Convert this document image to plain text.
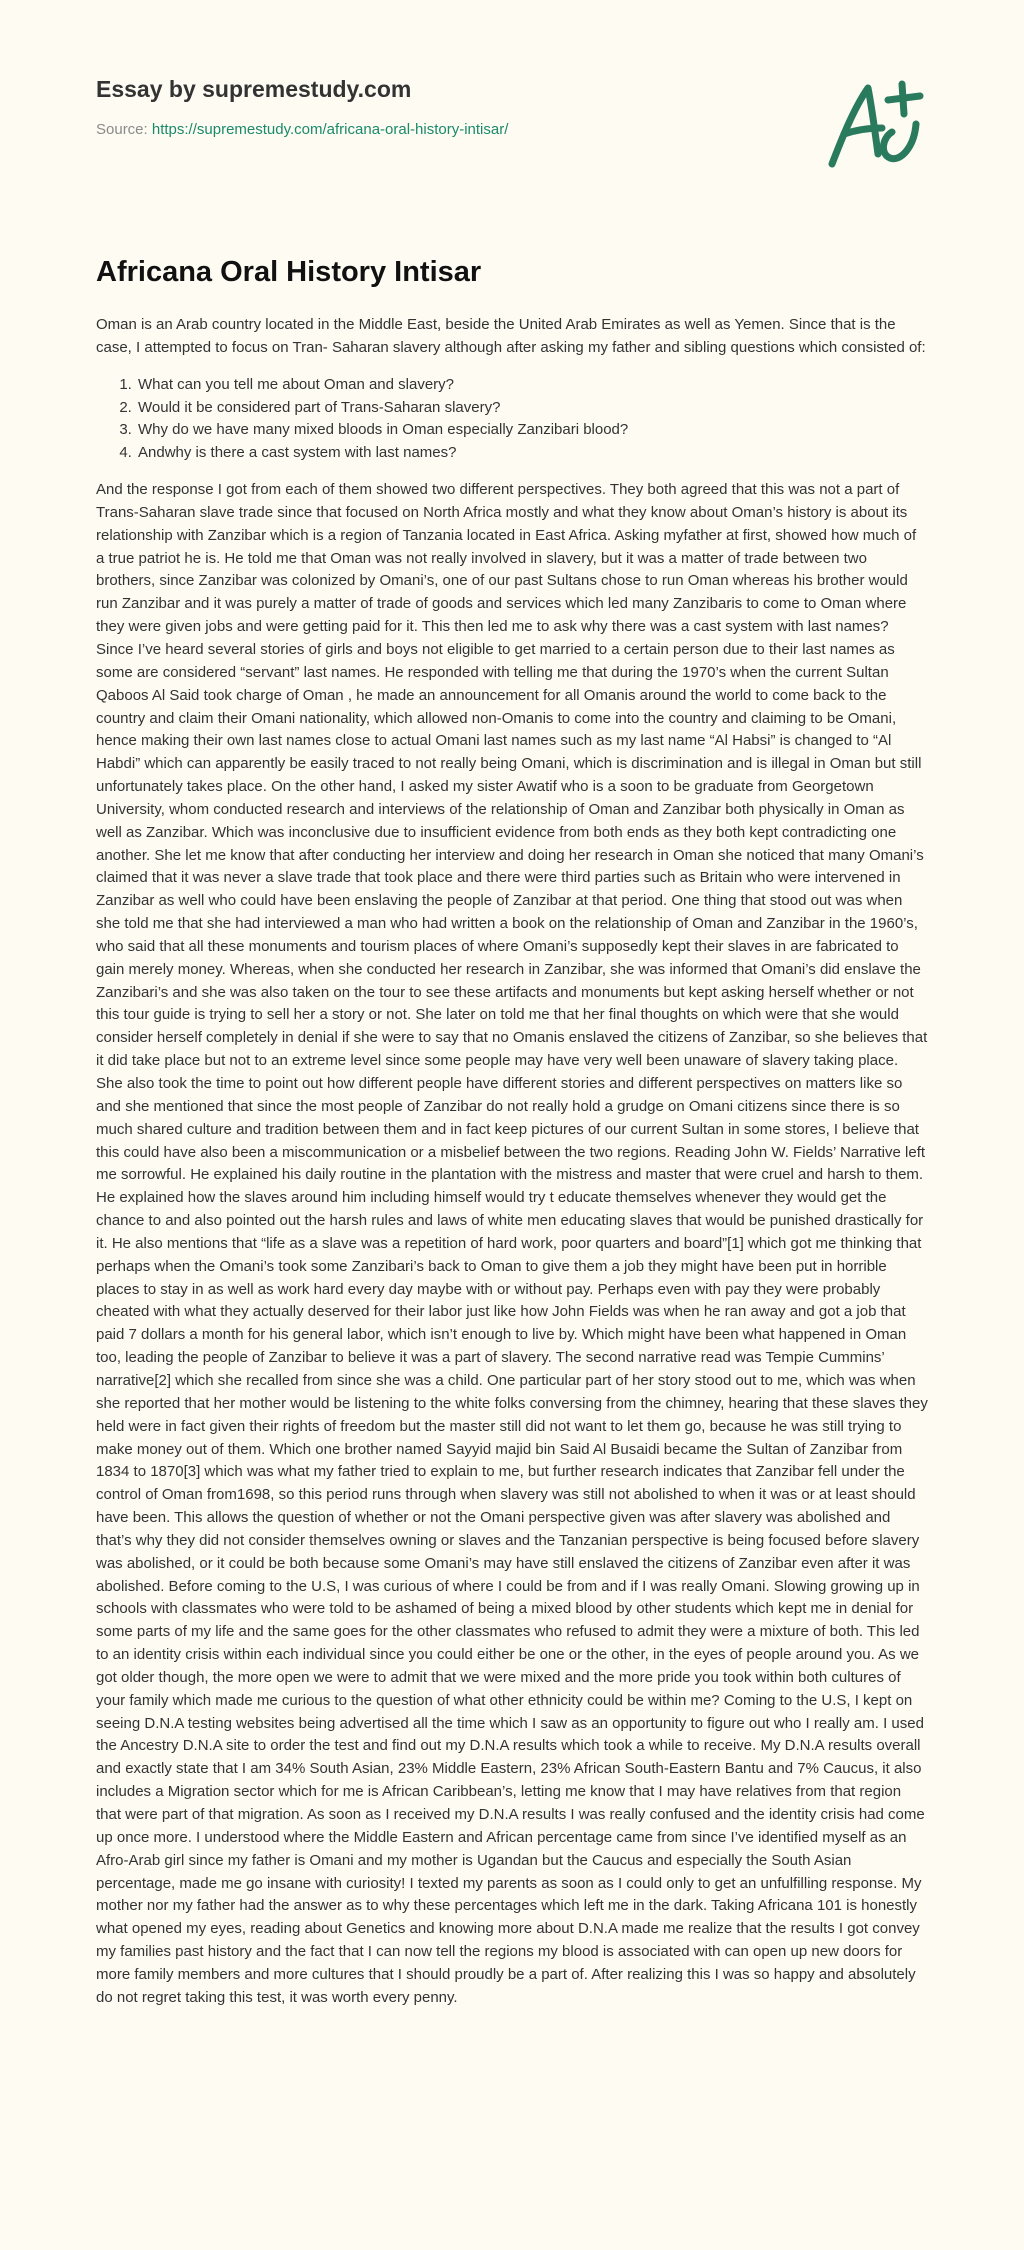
Essay by supremestudy.com
Source: https://supremestudy.com/africana-oral-history-intisar/
Africana Oral History Intisar

Oman is an Arab country located in the Middle East, beside the United Arab Emirates as well as Yemen. Since that is the case, I attempted to focus on Tran- Saharan slavery although after asking my father and sibling questions which consisted of:

1. What can you tell me about Oman and slavery?
2. Would it be considered part of Trans-Saharan slavery?
3. Why do we have many mixed bloods in Oman especially Zanzibari blood?
4. Andwhy is there a cast system with last names?

And the response I got from each of them showed two different perspectives. They both agreed that this was not a part of Trans-Saharan slave trade since that focused on North Africa mostly and what they know about Oman’s history is about its relationship with Zanzibar which is a region of Tanzania located in East Africa. Asking myfather at first, showed how much of a true patriot he is. He told me that Oman was not really involved in slavery, but it was a matter of trade between two brothers, since Zanzibar was colonized by Omani’s, one of our past Sultans chose to run Oman whereas his brother would run Zanzibar and it was purely a matter of trade of goods and services which led many Zanzibaris to come to Oman where they were given jobs and were getting paid for it. This then led me to ask why there was a cast system with last names? Since I’ve heard several stories of girls and boys not eligible to get married to a certain person due to their last names as some are considered “servant” last names. He responded with telling me that during the 1970’s when the current Sultan Qaboos Al Said took charge of Oman , he made an announcement for all Omanis around the world to come back to the country and claim their Omani nationality, which allowed non-Omanis to come into the country and claiming to be Omani, hence making their own last names close to actual Omani last names such as my last name “Al Habsi” is changed to “Al Habdi” which can apparently be easily traced to not really being Omani, which is discrimination and is illegal in Oman but still unfortunately takes place. On the other hand, I asked my sister Awatif who is a soon to be graduate from Georgetown University, whom conducted research and interviews of the relationship of Oman and Zanzibar both physically in Oman as well as Zanzibar. Which was inconclusive due to insufficient evidence from both ends as they both kept contradicting one another. She let me know that after conducting her interview and doing her research in Oman she noticed that many Omani’s claimed that it was never a slave trade that took place and there were third parties such as Britain who were intervened in Zanzibar as well who could have been enslaving the people of Zanzibar at that period. One thing that stood out was when she told me that she had interviewed a man who had written a book on the relationship of Oman and Zanzibar in the 1960’s, who said that all these monuments and tourism places of where Omani’s supposedly kept their slaves in are fabricated to gain merely money. Whereas, when she conducted her research in Zanzibar, she was informed that Omani’s did enslave the Zanzibari’s and she was also taken on the tour to see these artifacts and monuments but kept asking herself whether or not this tour guide is trying to sell her a story or not. She later on told me that her final thoughts on which were that she would consider herself completely in denial if she were to say that no Omanis enslaved the citizens of Zanzibar, so she believes that it did take place but not to an extreme level since some people may have very well been unaware of slavery taking place. She also took the time to point out how different people have different stories and different perspectives on matters like so and she mentioned that since the most people of Zanzibar do not really hold a grudge on Omani citizens since there is so much shared culture and tradition between them and in fact keep pictures of our current Sultan in some stores, I believe that this could have also been a miscommunication or a misbelief between the two regions. Reading John W. Fields’ Narrative left me sorrowful. He explained his daily routine in the plantation with the mistress and master that were cruel and harsh to them. He explained how the slaves around him including himself would try t educate themselves whenever they would get the chance to and also pointed out the harsh rules and laws of white men educating slaves that would be punished drastically for it. He also mentions that “life as a slave was a repetition of hard work, poor quarters and board”[1] which got me thinking that perhaps when the Omani’s took some Zanzibari’s back to Oman to give them a job they might have been put in horrible places to stay in as well as work hard every day maybe with or without pay. Perhaps even with pay they were probably cheated with what they actually deserved for their labor just like how John Fields was when he ran away and got a job that paid 7 dollars a month for his general labor, which isn’t enough to live by. Which might have been what happened in Oman too, leading the people of Zanzibar to believe it was a part of slavery. The second narrative read was Tempie Cummins’ narrative[2] which she recalled from since she was a child. One particular part of her story stood out to me, which was when she reported that her mother would be listening to the white folks conversing from the chimney, hearing that these slaves they held were in fact given their rights of freedom but the master still did not want to let them go, because he was still trying to make money out of them. Which one brother named Sayyid majid bin Said Al Busaidi became the Sultan of Zanzibar from 1834 to 1870[3] which was what my father tried to explain to me, but further research indicates that Zanzibar fell under the control of Oman from1698, so this period runs through when slavery was still not abolished to when it was or at least should have been. This allows the question of whether or not the Omani perspective given was after slavery was abolished and that’s why they did not consider themselves owning or slaves and the Tanzanian perspective is being focused before slavery was abolished, or it could be both because some Omani’s may have still enslaved the citizens of Zanzibar even after it was abolished. Before coming to the U.S, I was curious of where I could be from and if I was really Omani. Slowing growing up in schools with classmates who were told to be ashamed of being a mixed blood by other students which kept me in denial for some parts of my life and the same goes for the other classmates who refused to admit they were a mixture of both. This led to an identity crisis within each individual since you could either be one or the other, in the eyes of people around you. As we got older though, the more open we were to admit that we were mixed and the more pride you took within both cultures of your family which made me curious to the question of what other ethnicity could be within me? Coming to the U.S, I kept on seeing D.N.A testing websites being advertised all the time which I saw as an opportunity to figure out who I really am. I used the Ancestry D.N.A site to order the test and find out my D.N.A results which took a while to receive. My D.N.A results overall and exactly state that I am 34% South Asian, 23% Middle Eastern, 23% African South-Eastern Bantu and 7% Caucus, it also includes a Migration sector which for me is African Caribbean’s, letting me know that I may have relatives from that region that were part of that migration. As soon as I received my D.N.A results I was really confused and the identity crisis had come up once more. I understood where the Middle Eastern and African percentage came from since I’ve identified myself as an Afro-Arab girl since my father is Omani and my mother is Ugandan but the Caucus and especially the South Asian percentage, made me go insane with curiosity! I texted my parents as soon as I could only to get an unfulfilling response. My mother nor my father had the answer as to why these percentages which left me in the dark. Taking Africana 101 is honestly what opened my eyes, reading about Genetics and knowing more about D.N.A made me realize that the results I got convey my families past history and the fact that I can now tell the regions my blood is associated with can open up new doors for more family members and more cultures that I should proudly be a part of. After realizing this I was so happy and absolutely do not regret taking this test, it was worth every penny.
